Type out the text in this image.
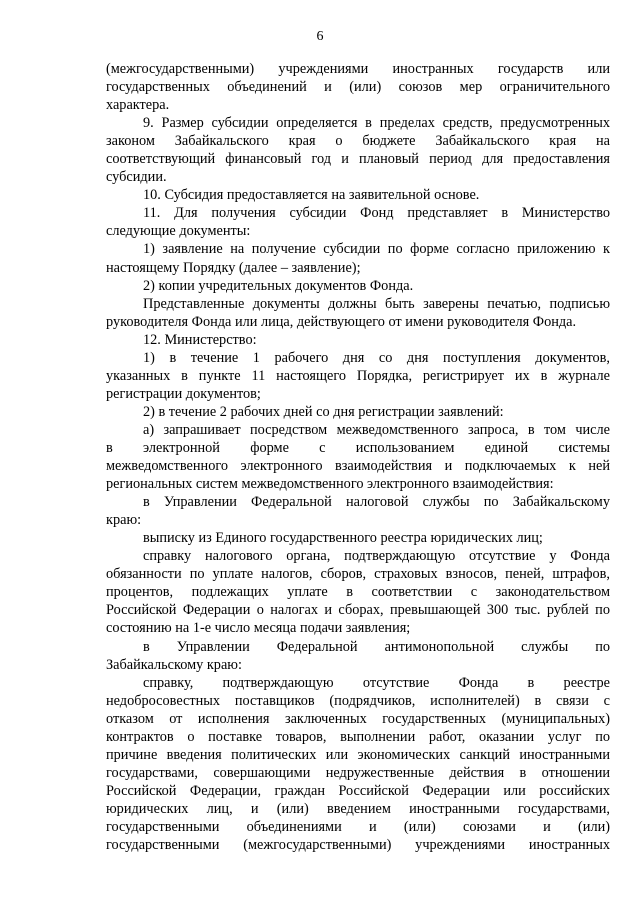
6
(межгосударственными) учреждениями иностранных государств или
государственных объединений и (или) союзов мер ограничительного
характера.
9. Размер субсидии определяется в пределах средств, предусмотренных
законом Забайкальского края о бюджете Забайкальского края на
соответствующий финансовый год и плановый период для предоставления
субсидии.
10. Субсидия предоставляется на заявительной основе.
11. Для получения субсидии Фонд представляет в Министерство
следующие документы:
1) заявление на получение субсидии по форме согласно приложению к
настоящему Порядку (далее – заявление);
2) копии учредительных документов Фонда.
Представленные документы должны быть заверены печатью, подписью
руководителя Фонда или лица, действующего от имени руководителя Фонда.
12. Министерство:
1) в течение 1 рабочего дня со дня поступления документов,
указанных в пункте 11 настоящего Порядка, регистрирует их в журнале
регистрации документов;
2) в течение 2 рабочих дней со дня регистрации заявлений:
а) запрашивает посредством межведомственного запроса, в том числе
в электронной форме с использованием единой системы
межведомственного электронного взаимодействия и подключаемых к ней
региональных систем межведомственного электронного взаимодействия:
в Управлении Федеральной налоговой службы по Забайкальскому
краю:
выписку из Единого государственного реестра юридических лиц;
справку налогового органа, подтверждающую отсутствие у Фонда
обязанности по уплате налогов, сборов, страховых взносов, пеней, штрафов,
процентов, подлежащих уплате в соответствии с законодательством
Российской Федерации о налогах и сборах, превышающей 300 тыс. рублей по
состоянию на 1-е число месяца подачи заявления;
в Управлении Федеральной антимонопольной службы по
Забайкальскому краю:
справку, подтверждающую отсутствие Фонда в реестре
недобросовестных поставщиков (подрядчиков, исполнителей) в связи с
отказом от исполнения заключенных государственных (муниципальных)
контрактов о поставке товаров, выполнении работ, оказании услуг по
причине введения политических или экономических санкций иностранными
государствами, совершающими недружественные действия в отношении
Российской Федерации, граждан Российской Федерации или российских
юридических лиц, и (или) введением иностранными государствами,
государственными объединениями и (или) союзами и (или)
государственными (межгосударственными) учреждениями иностранных
